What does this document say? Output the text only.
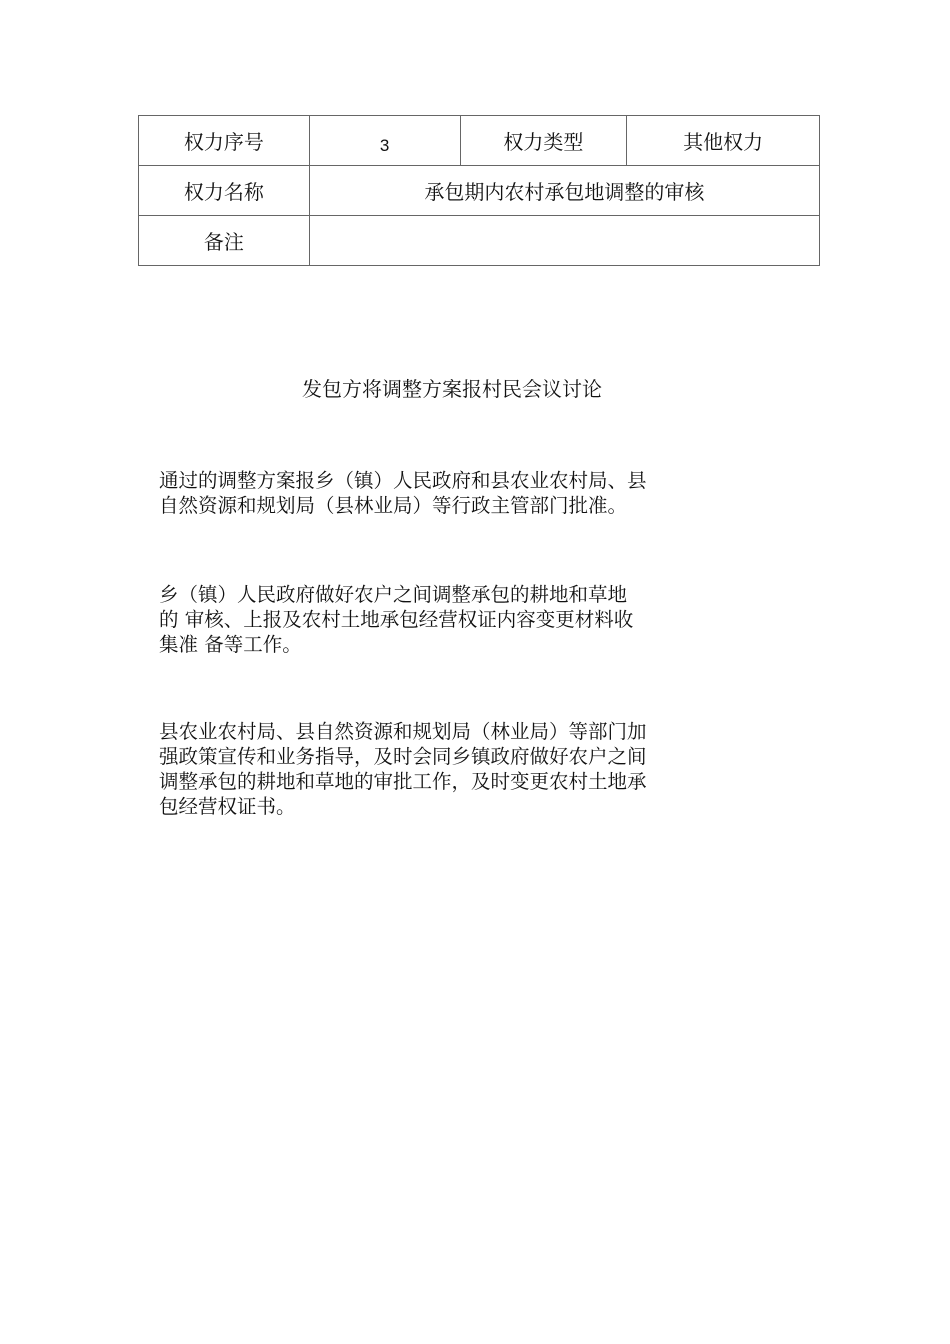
权力序号	3	权力类型	其他权力
权力名称	承包期内农村承包地调整的审核		
备注			
发包方将调整方案报村民会议讨论

通过的调整方案报乡（镇）人民政府和县农业农村局、县
自然资源和规划局（县林业局）等行政主管部门批准。

乡（镇）人民政府做好农户之间调整承包的耕地和草地
的 审核、上报及农村土地承包经营权证内容变更材料收
集准 备等工作。

县农业农村局、县自然资源和规划局（林业局）等部门加
强政策宣传和业务指导，及时会同乡镇政府做好农户之间
调整承包的耕地和草地的审批工作，及时变更农村土地承
包经营权证书。
